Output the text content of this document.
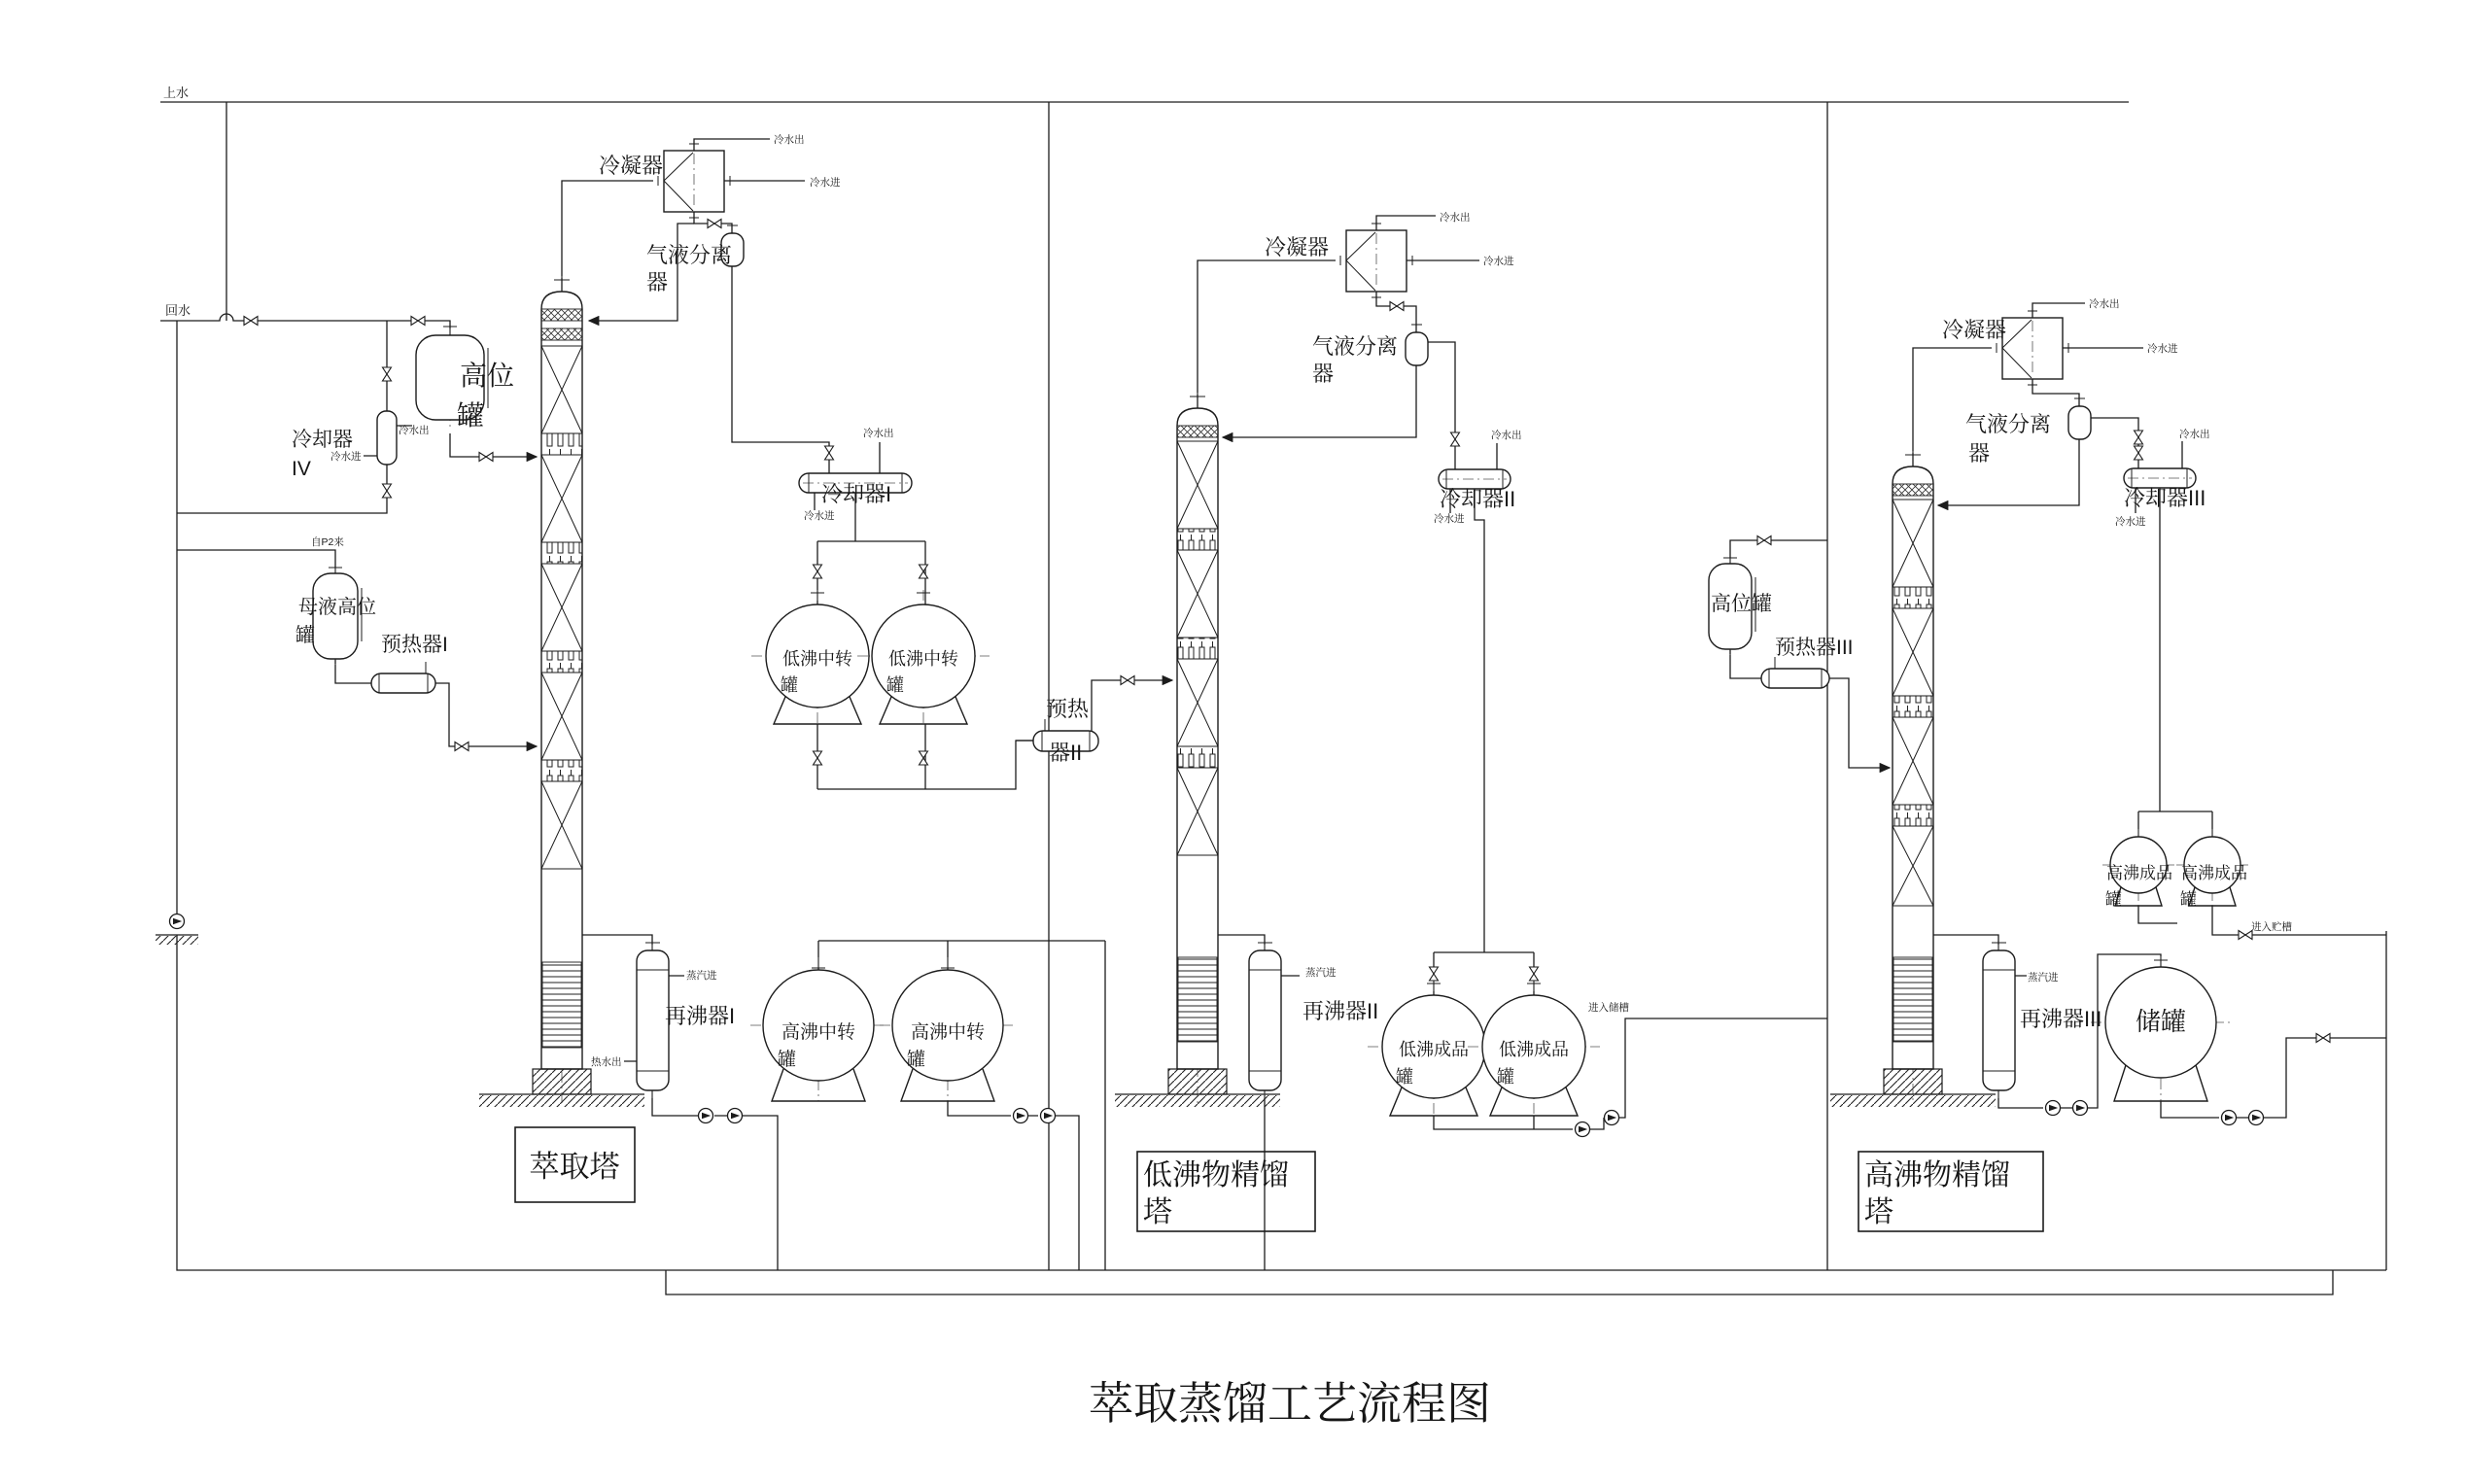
上水
回水
冷凝器
冷水出
冷水进
气液分离
器
高位
罐
冷却器
IV
冷水出
冷水进
母液高位
罐
自P2来
预热器I
冷却器I
冷水出
冷水进
低沸中转
罐
低沸中转
罐
再沸器I
蒸汽进
热水出
高沸中转
罐
高沸中转
罐
萃取塔
预热
器II
冷凝器
冷水出
冷水进
气液分离
器
冷却器II
冷水出
冷水进
再沸器II
蒸汽进
低沸成品
罐
低沸成品
罐
进入储槽
低沸物精馏
塔
冷凝器
冷水出
冷水进
气液分离
器
冷却器III
冷水出
冷水进
高位罐
预热器III
再沸器III
蒸汽进
高沸成品
罐
高沸成品
罐
储罐
进入贮槽
高沸物精馏
塔
萃取蒸馏工艺流程图
